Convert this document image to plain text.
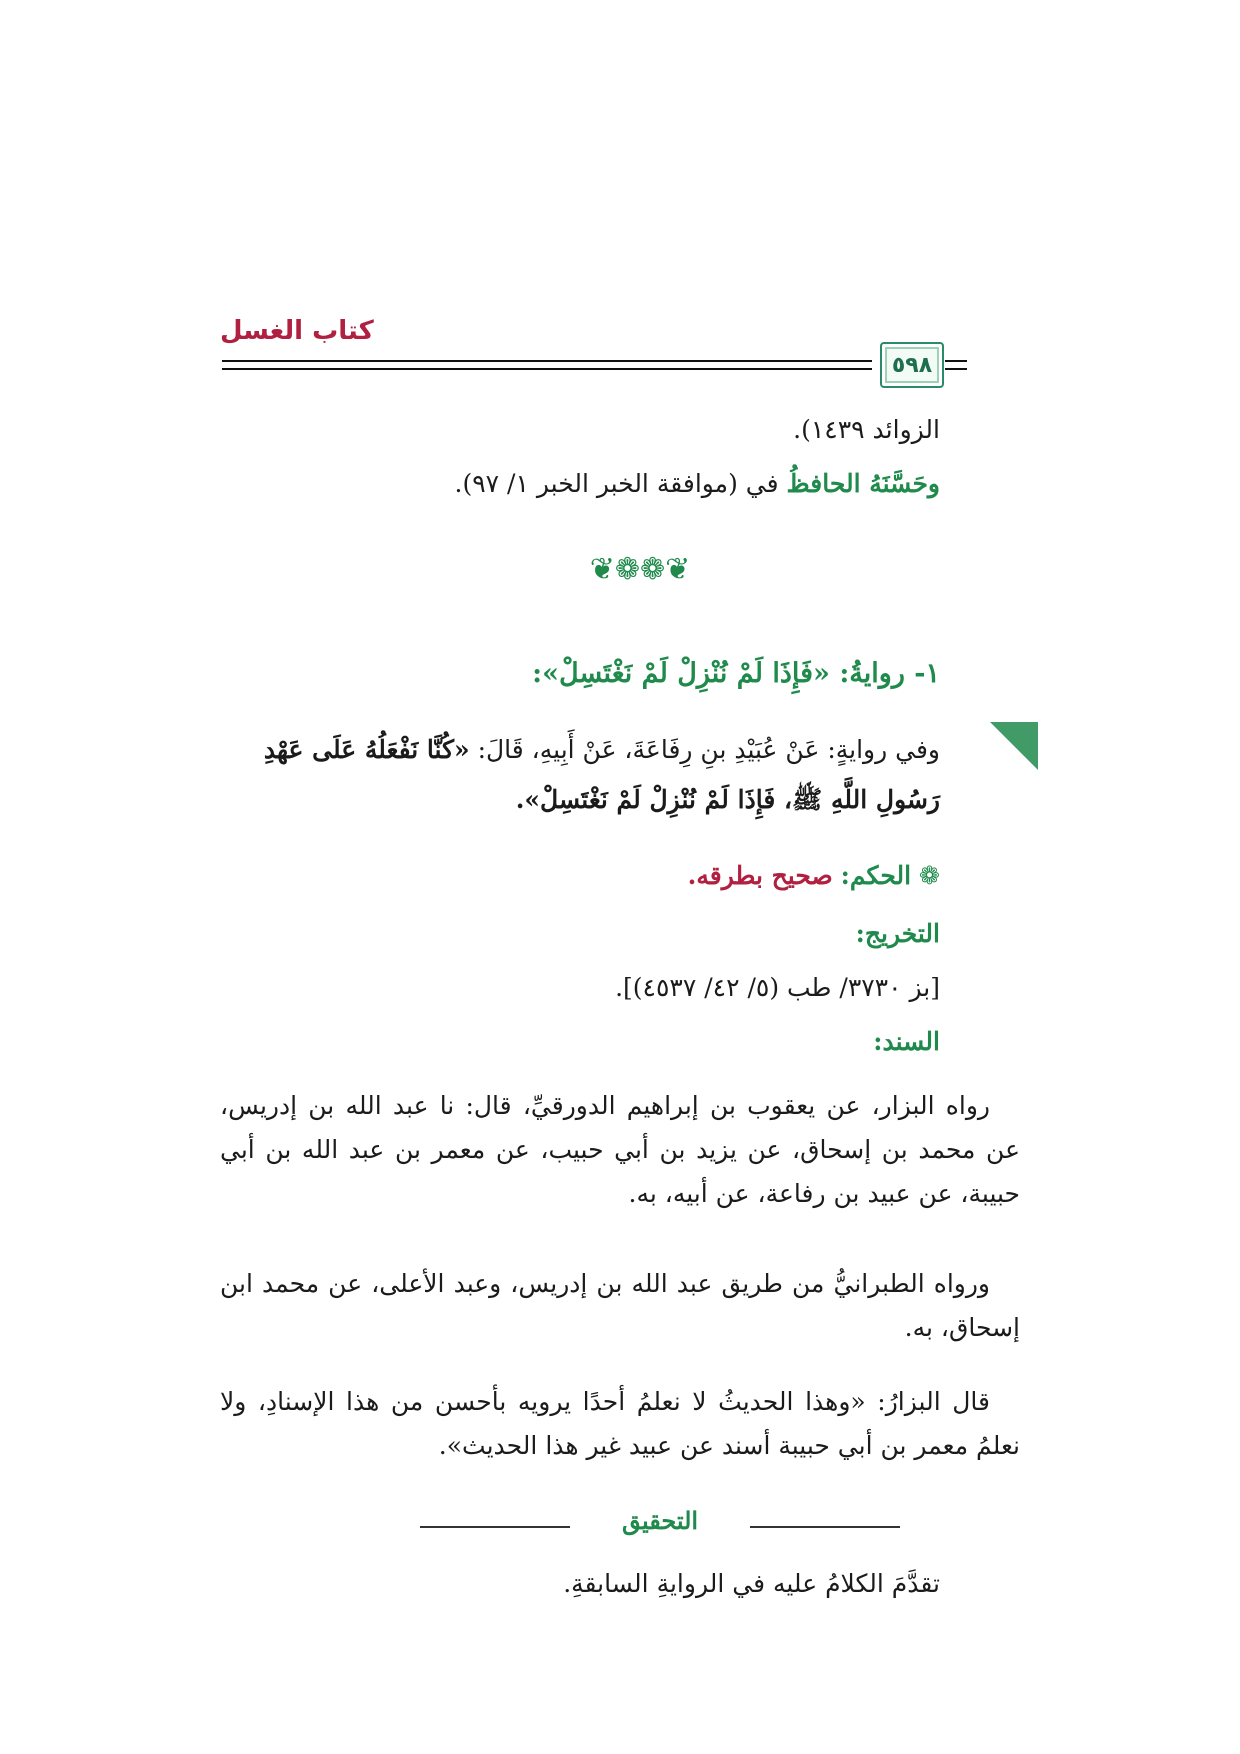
كتاب الغسل
٥٩٨
الزوائد ١٤٣٩).
وحَسَّنَهُ الحافظُ في (موافقة الخبر الخبر ١/ ٩٧).
❦❁❁❦
١- روايةُ: «فَإِذَا لَمْ نُنْزِلْ لَمْ نَغْتَسِلْ»:
وفي روايةٍ: عَنْ عُبَيْدِ بنِ رِفَاعَةَ، عَنْ أَبِيهِ، قَالَ: «كُنَّا نَفْعَلُهُ عَلَى عَهْدِ
رَسُولِ اللَّهِ ﷺ، فَإِذَا لَمْ نُنْزِلْ لَمْ نَغْتَسِلْ».
❁الحكم: صحيح بطرقه.
التخريج:
[بز ٣٧٣٠/ طب (٥/ ٤٢/ ٤٥٣٧)].
السند:
رواه البزار، عن يعقوب بن إبراهيم الدورقيِّ، قال: نا عبد الله بن إدريس، عن محمد بن إسحاق، عن يزيد بن أبي حبيب، عن معمر بن عبد الله بن أبي حبيبة، عن عبيد بن رفاعة، عن أبيه، به.
ورواه الطبرانيُّ من طريق عبد الله بن إدريس، وعبد الأعلى، عن محمد ابن إسحاق، به.
قال البزارُ: «وهذا الحديثُ لا نعلمُ أحدًا يرويه بأحسن من هذا الإسنادِ، ولا نعلمُ معمر بن أبي حبيبة أسند عن عبيد غير هذا الحديث».
التحقيق
تقدَّمَ الكلامُ عليه في الروايةِ السابقةِ.
